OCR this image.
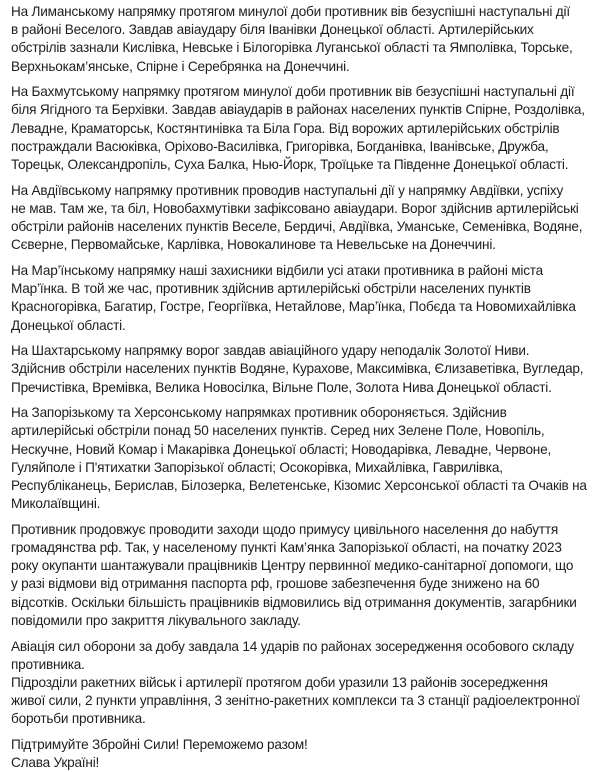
На Лиманському напрямку протягом минулої доби противник вів безуспішні наступальні дії
в районі Веселого. Завдав авіаудару біля Іванівки Донецької області. Артилерійських
обстрілів зазнали Кислівка, Невське і Білогорівка Луганської області та Ямполівка, Торське,
Верхньокам’янське, Спірне і Серебрянка на Донеччині.
На Бахмутському напрямку протягом минулої доби противник вів безуспішні наступальні дії
біля Ягідного та Берхівки. Завдав авіаударів в районах населених пунктів Спірне, Роздолівка,
Левадне, Краматорськ, Костянтинівка та Біла Гора. Від ворожих артилерійських обстрілів
постраждали Васюківка, Оріхово-Василівка, Григорівка, Богданівка, Іванівське, Дружба,
Торецьк, Олександропіль, Суха Балка, Нью-Йорк, Троїцьке та Південне Донецької області.
На Авдіївському напрямку противник проводив наступальні дії у напрямку Авдіївки, успіху
не мав. Там же, та біл, Новобахмутівки зафіксовано авіаудари. Ворог здійснив артилерійські
обстріли районів населених пунктів Веселе, Бердичі, Авдіївка, Уманське, Семенівка, Водяне,
Сєверне, Первомайське, Карлівка, Новокалинове та Невельське на Донеччині.
На Мар’їнському напрямку наші захисники відбили усі атаки противника в районі міста
Мар’їнка. В той же час, противник здійснив артилерійські обстріли населених пунктів
Красногорівка, Багатир, Гостре, Георгіївка, Нетайлове, Мар’їнка, Побєда та Новомихайлівка
Донецької області.
На Шахтарському напрямку ворог завдав авіаційного удару неподалік Золотої Ниви.
Здійснив обстріли населених пунктів Водяне, Курахове, Максимівка, Єлизаветівка, Вугледар,
Пречистівка, Времівка, Велика Новосілка, Вільне Поле, Золота Нива Донецької області.
На Запорізькому та Херсонському напрямках противник обороняється. Здійснив
артилерійські обстріли понад 50 населених пунктів. Серед них Зелене Поле, Новопіль,
Нескучне, Новий Комар і Макарівка Донецької області; Новодарівка, Левадне, Червоне,
Гуляйполе і П'ятихатки Запорізької області; Осокорівка, Михайлівка, Гаврилівка,
Республіканець, Берислав, Білозерка, Велетенське, Кізомис Херсонської області та Очаків на
Миколаївщині.
Противник продовжує проводити заходи щодо примусу цивільного населення до набуття
громадянства рф. Так, у населеному пункті Кам’янка Запорізької області, на початку 2023
року окупанти шантажували працівників Центру первинної медико-санітарної допомоги, що
у разі відмови від отримання паспорта рф, грошове забезпечення буде знижено на 60
відсотків. Оскільки більшість працівників відмовились від отримання документів, загарбники
повідомили про закриття лікувального закладу.
Авіація сил оборони за добу завдала 14 ударів по районах зосередження особового складу
противника.
Підрозділи ракетних військ і артилерії протягом доби уразили 13 районів зосередження
живої сили, 2 пункти управління, 3 зенітно-ракетних комплекси та 3 станції радіоелектронної
боротьби противника.
Підтримуйте Збройні Сили! Переможемо разом!
Слава Україні!
